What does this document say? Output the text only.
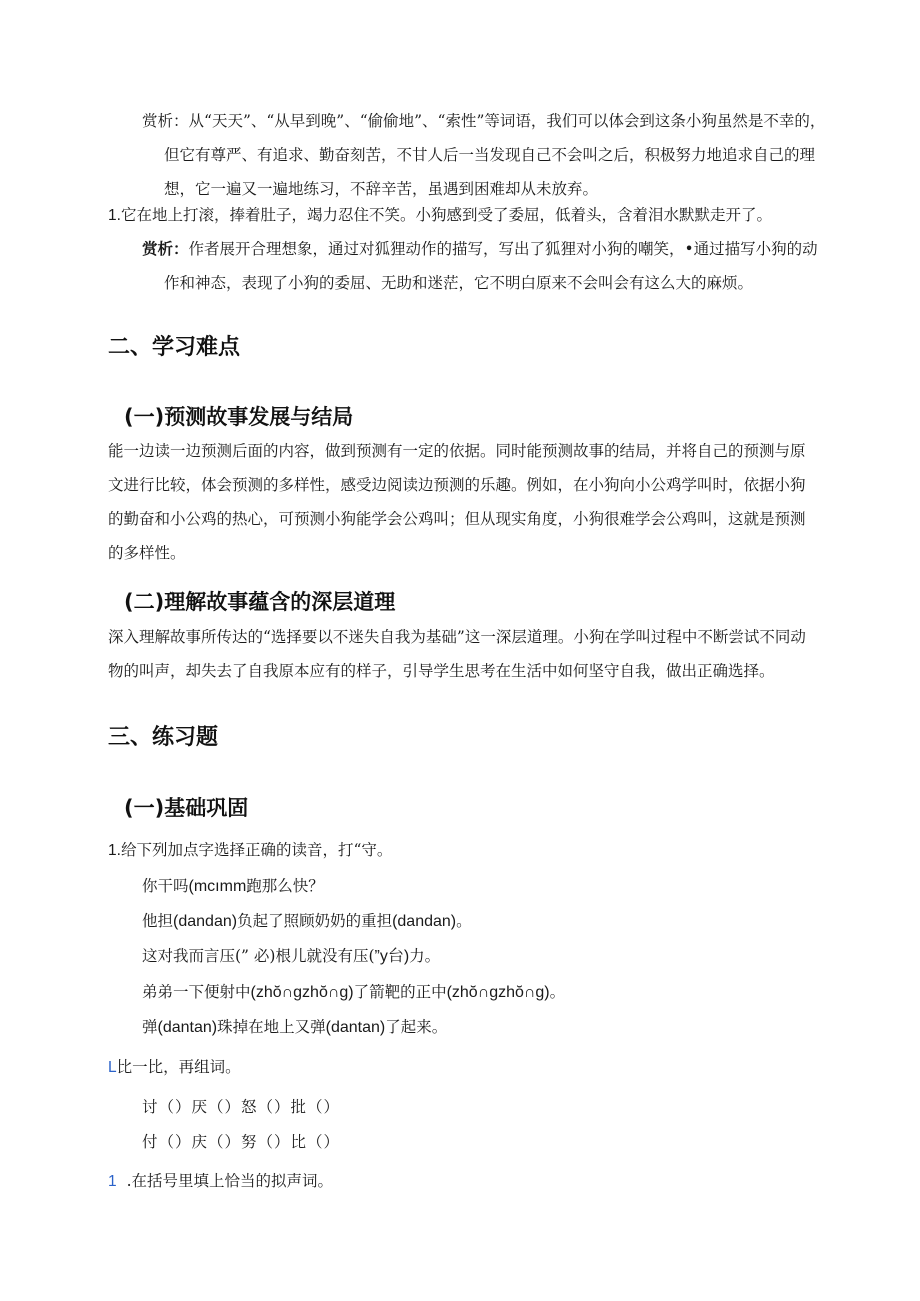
赏析：从“天天”、“从早到晚”、“偷偷地”、“索性”等词语，我们可以体会到这条小狗虽然是不幸的，但它有尊严、有追求、勤奋刻苦，不甘人后一当发现自己不会叫之后，积极努力地追求自己的理想，它一遍又一遍地练习，不辞辛苦，虽遇到困难却从未放弃。

1.它在地上打滚，捧着肚子，竭力忍住不笑。小狗感到受了委屈，低着头，含着泪水默默走开了。

赏析：作者展开合理想象，通过对狐狸动作的描写，写出了狐狸对小狗的嘲笑，•通过描写小狗的动作和神态，表现了小狗的委屈、无助和迷茫，它不明白原来不会叫会有这么大的麻烦。

二、学习难点
(一)预测故事发展与结局

能一边读一边预测后面的内容，做到预测有一定的依据。同时能预测故事的结局，并将自己的预测与原文进行比较，体会预测的多样性，感受边阅读边预测的乐趣。例如，在小狗向小公鸡学叫时，依据小狗的勤奋和小公鸡的热心，可预测小狗能学会公鸡叫；但从现实角度，小狗很难学会公鸡叫，这就是预测的多样性。

(二)理解故事蕴含的深层道理

深入理解故事所传达的“选择要以不迷失自我为基础”这一深层道理。小狗在学叫过程中不断尝试不同动物的叫声，却失去了自我原本应有的样子，引导学生思考在生活中如何坚守自我，做出正确选择。

三、练习题
(一)基础巩固

1.给下列加点字选择正确的读音，打“守。

你干吗(mcımm跑那么快？

他担(dandan)负起了照顾奶奶的重担(dandan)。

这对我而言压(” 必)根儿就没有压(”y台)力。

弟弟一下便射中(zhŏ∩gzhŏ∩g)了箭靶的正中(zhŏ∩gzhŏ∩g)。

弹(dantan)珠掉在地上又弹(dantan)了起来。

L比一比，再组词。

讨（）厌（）怒（）批（）

付（）庆（）努（）比（）

1 .在括号里填上恰当的拟声词。
